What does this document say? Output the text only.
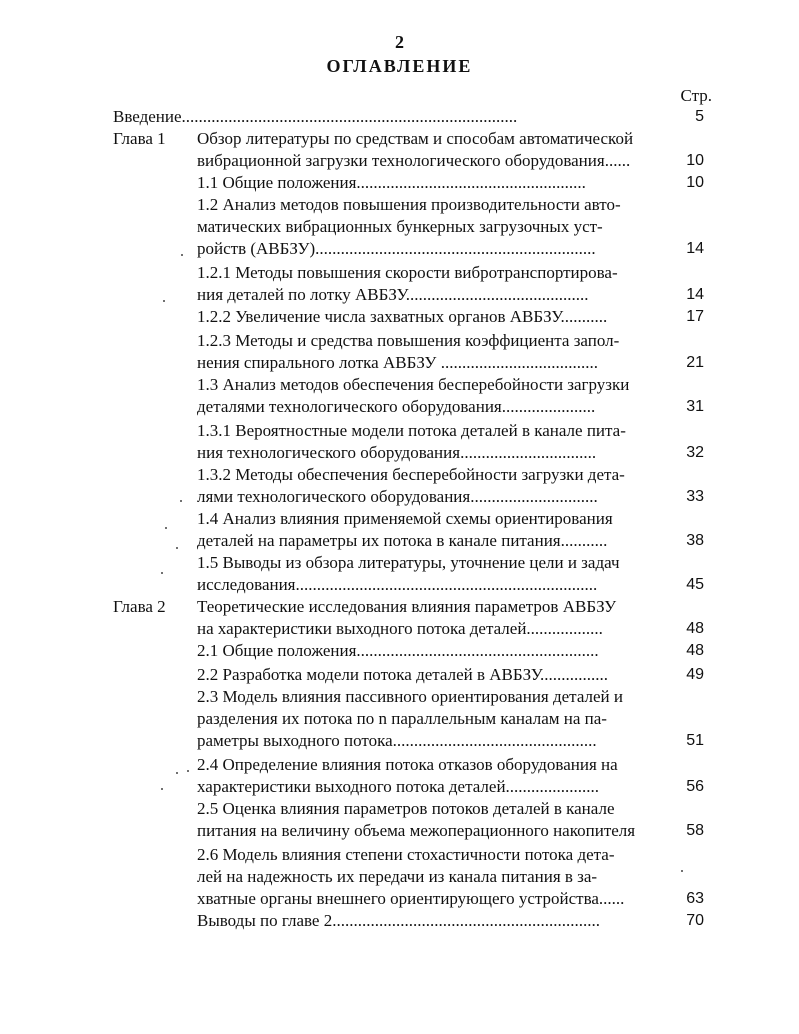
2
ОГЛАВЛЕНИЕ
Стр.
Глава 1
Глава 2
Введение...............................................................................
Обзор литературы по средствам и способам автоматической
вибрационной загрузки технологического оборудования......
1.1 Общие положения......................................................
1.2 Анализ методов повышения производительности авто-
матических вибрационных бункерных загрузочных уст-
ройств (АВБЗУ)..................................................................
1.2.1 Методы повышения скорости вибротранспортирова-
ния деталей по лотку АВБЗУ...........................................
1.2.2 Увеличение числа захватных органов АВБЗУ...........
1.2.3 Методы и средства повышения коэффициента запол-
нения спирального лотка АВБЗУ .....................................
1.3 Анализ методов обеспечения бесперебойности загрузки
деталями технологического оборудования......................
1.3.1 Вероятностные модели потока деталей в канале пита-
ния технологического оборудования................................
1.3.2 Методы обеспечения бесперебойности загрузки дета-
лями технологического оборудования..............................
1.4 Анализ влияния применяемой схемы ориентирования
деталей на параметры их потока в канале питания...........
1.5 Выводы из обзора литературы, уточнение цели и задач
исследования.......................................................................
Теоретические исследования влияния параметров АВБЗУ
на характеристики выходного потока деталей..................
2.1 Общие положения.........................................................
2.2 Разработка модели потока деталей в АВБЗУ................
2.3 Модель влияния пассивного ориентирования деталей и
разделения их потока по n параллельным каналам на па-
раметры выходного потока................................................
2.4 Определение влияния потока отказов оборудования на
характеристики выходного потока деталей......................
2.5 Оценка влияния параметров потоков деталей в канале
питания на величину объема межоперационного накопителя
2.6 Модель влияния степени стохастичности потока дета-
лей на надежность их передачи из канала питания в за-
хватные органы внешнего ориентирующего устройства......
Выводы по главе 2...............................................................
5
10
10
14
14
17
21
31
32
33
38
45
48
48
49
51
56
58
63
70
